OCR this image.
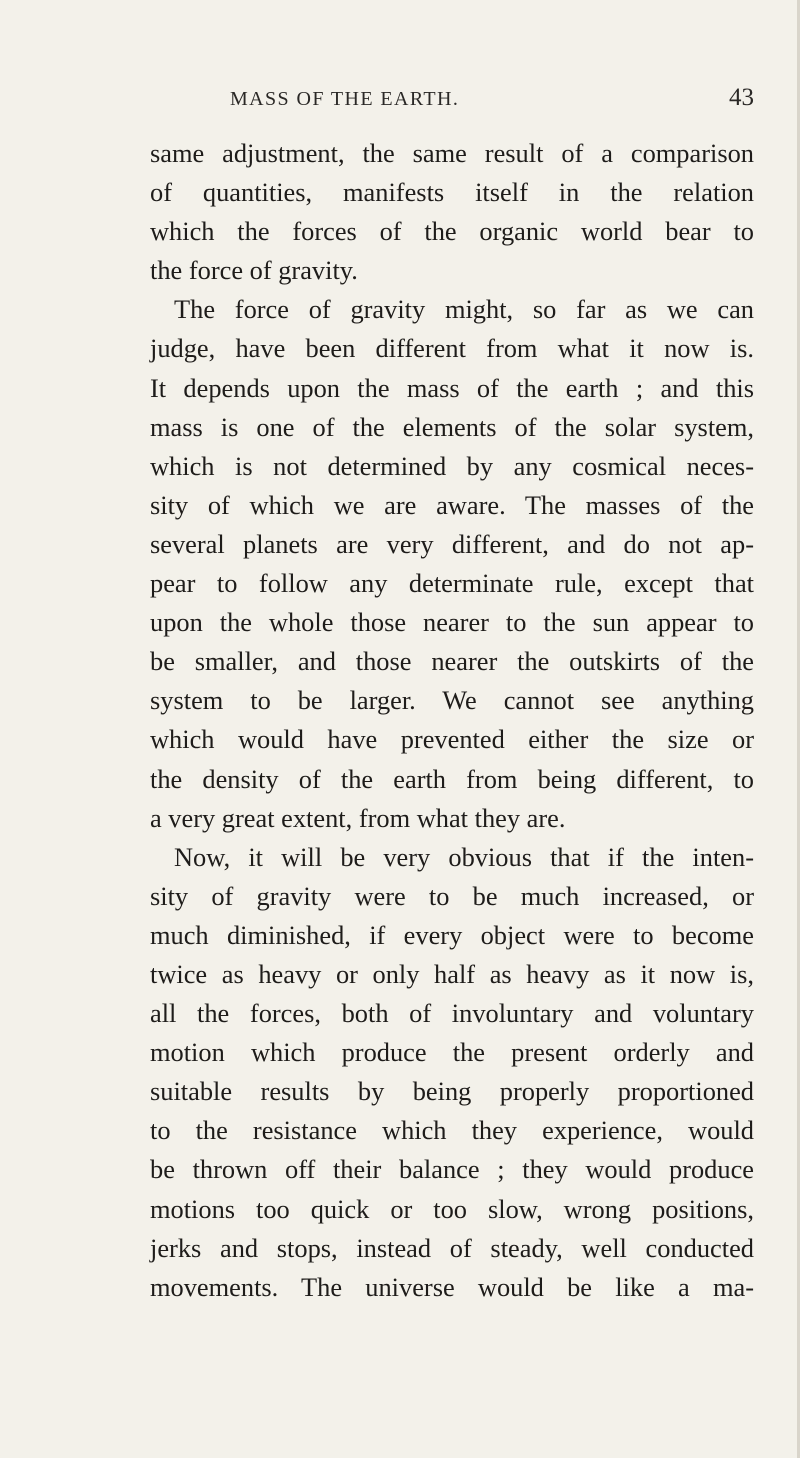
MASS OF THE EARTH.	43
same adjustment, the same result of a comparison
of quantities, manifests itself in the relation
which the forces of the organic world bear to
the force of gravity.
The force of gravity might, so far as we can
judge, have been different from what it now is.
It depends upon the mass of the earth ; and this
mass is one of the elements of the solar system,
which is not determined by any cosmical neces-
sity of which we are aware. The masses of the
several planets are very different, and do not ap-
pear to follow any determinate rule, except that
upon the whole those nearer to the sun appear to
be smaller, and those nearer the outskirts of the
system to be larger. We cannot see anything
which would have prevented either the size or
the density of the earth from being different, to
a very great extent, from what they are.
Now, it will be very obvious that if the inten-
sity of gravity were to be much increased, or
much diminished, if every object were to become
twice as heavy or only half as heavy as it now is,
all the forces, both of involuntary and voluntary
motion which produce the present orderly and
suitable results by being properly proportioned
to the resistance which they experience, would
be thrown off their balance ; they would produce
motions too quick or too slow, wrong positions,
jerks and stops, instead of steady, well conducted
movements. The universe would be like a ma-
